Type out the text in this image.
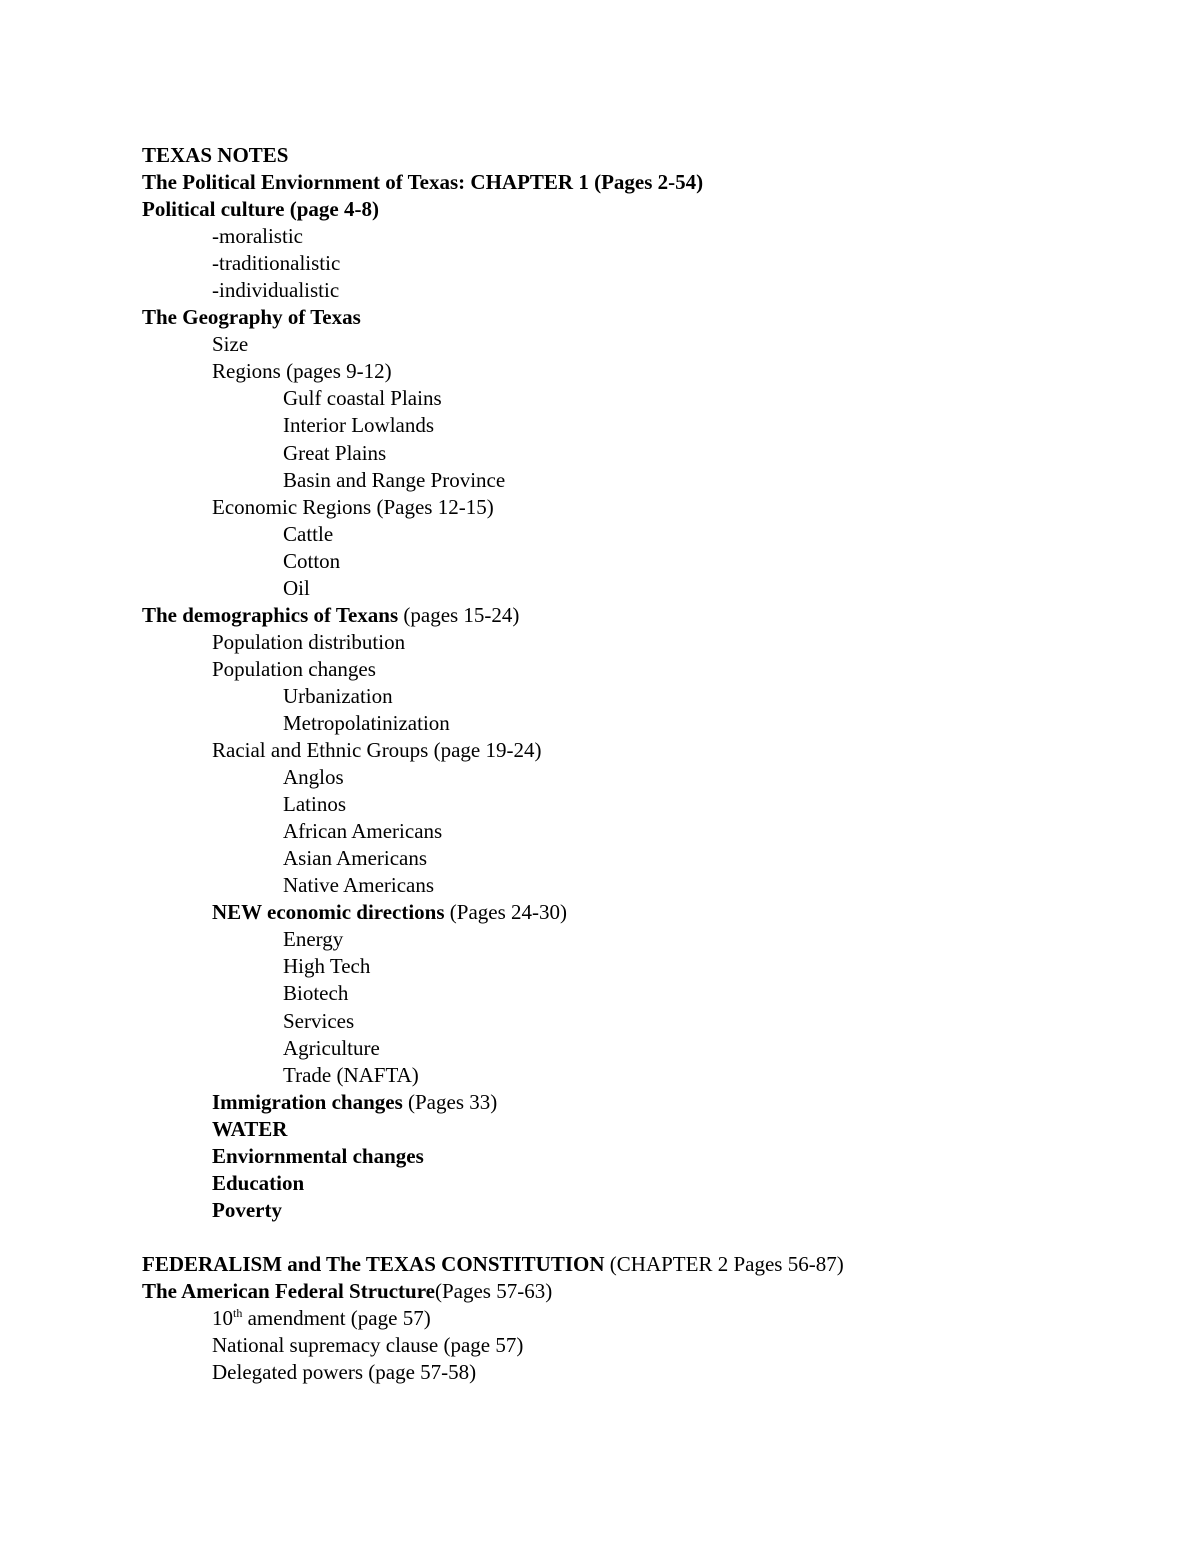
TEXAS NOTES
The Political Enviornment of Texas: CHAPTER 1 (Pages 2-54)
Political culture (page 4-8)
-moralistic
-traditionalistic
-individualistic
The Geography of Texas
Size
Regions (pages 9-12)
Gulf coastal Plains
Interior Lowlands
Great Plains
Basin and Range Province
Economic Regions (Pages 12-15)
Cattle
Cotton
Oil
The demographics of Texans (pages 15-24)
Population distribution
Population changes
Urbanization
Metropolatinization
Racial and Ethnic Groups (page 19-24)
Anglos
Latinos
African Americans
Asian Americans
Native Americans
NEW economic directions (Pages 24-30)
Energy
High Tech
Biotech
Services
Agriculture
Trade (NAFTA)
Immigration changes (Pages 33)
WATER
Enviornmental changes
Education
Poverty
FEDERALISM and The TEXAS CONSTITUTION (CHAPTER 2 Pages 56-87)
The American Federal Structure(Pages 57-63)
10th amendment (page 57)
National supremacy clause (page 57)
Delegated powers (page 57-58)
